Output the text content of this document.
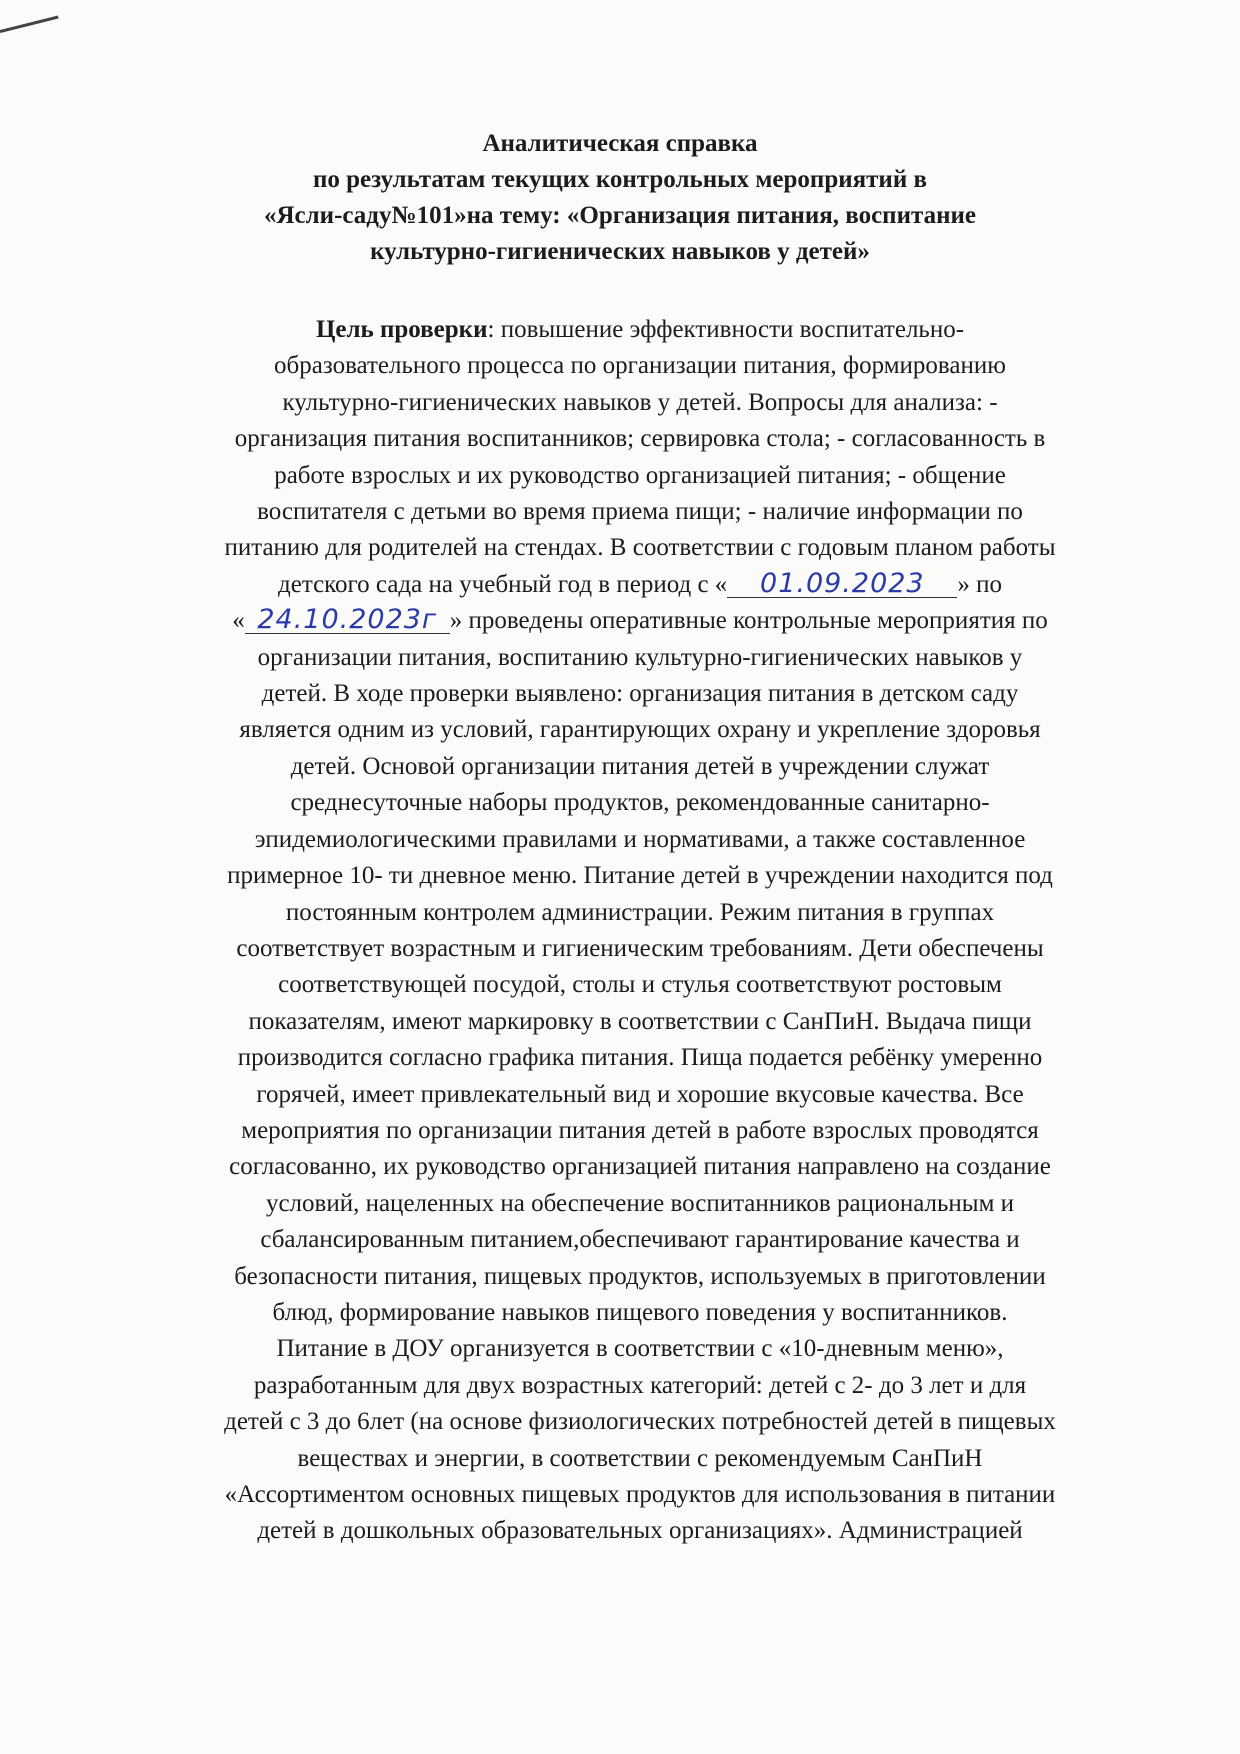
Аналитическая справка
по результатам текущих контрольных мероприятий в
«Ясли-саду№101»на тему: «Организация питания, воспитание
культурно-гигиенических навыков у детей»
Цель проверки: повышение эффективности воспитательно-
образовательного процесса по организации питания, формированию
культурно-гигиенических навыков у детей. Вопросы для анализа: -
организация питания воспитанников; сервировка стола; - согласованность в
работе взрослых и их руководство организацией питания; - общение
воспитателя с детьми во время приема пищи; - наличие информации по
питанию для родителей на стендах. В соответствии с годовым планом работы
детского сада на учебный год в период с « 01.09.2023 » по
« 24.10.2023г » проведены оперативные контрольные мероприятия по
организации питания, воспитанию культурно-гигиенических навыков у
детей. В ходе проверки выявлено: организация питания в детском саду
является одним из условий, гарантирующих охрану и укрепление здоровья
детей. Основой организации питания детей в учреждении служат
среднесуточные наборы продуктов, рекомендованные санитарно-
эпидемиологическими правилами и нормативами, а также составленное
примерное 10- ти дневное меню. Питание детей в учреждении находится под
постоянным контролем администрации. Режим питания в группах
соответствует возрастным и гигиеническим требованиям. Дети обеспечены
соответствующей посудой, столы и стулья соответствуют ростовым
показателям, имеют маркировку в соответствии с СанПиН. Выдача пищи
производится согласно графика питания. Пища подается ребёнку умеренно
горячей, имеет привлекательный вид и хорошие вкусовые качества. Все
мероприятия по организации питания детей в работе взрослых проводятся
согласованно, их руководство организацией питания направлено на создание
условий, нацеленных на обеспечение воспитанников рациональным и
сбалансированным питанием,обеспечивают гарантирование качества и
безопасности питания, пищевых продуктов, используемых в приготовлении
блюд, формирование навыков пищевого поведения у воспитанников.
Питание в ДОУ организуется в соответствии с «10-дневным меню»,
разработанным для двух возрастных категорий: детей с 2- до 3 лет и для
детей с 3 до 6лет (на основе физиологических потребностей детей в пищевых
веществах и энергии, в соответствии с рекомендуемым СанПиН
«Ассортиментом основных пищевых продуктов для использования в питании
детей в дошкольных образовательных организациях». Администрацией
